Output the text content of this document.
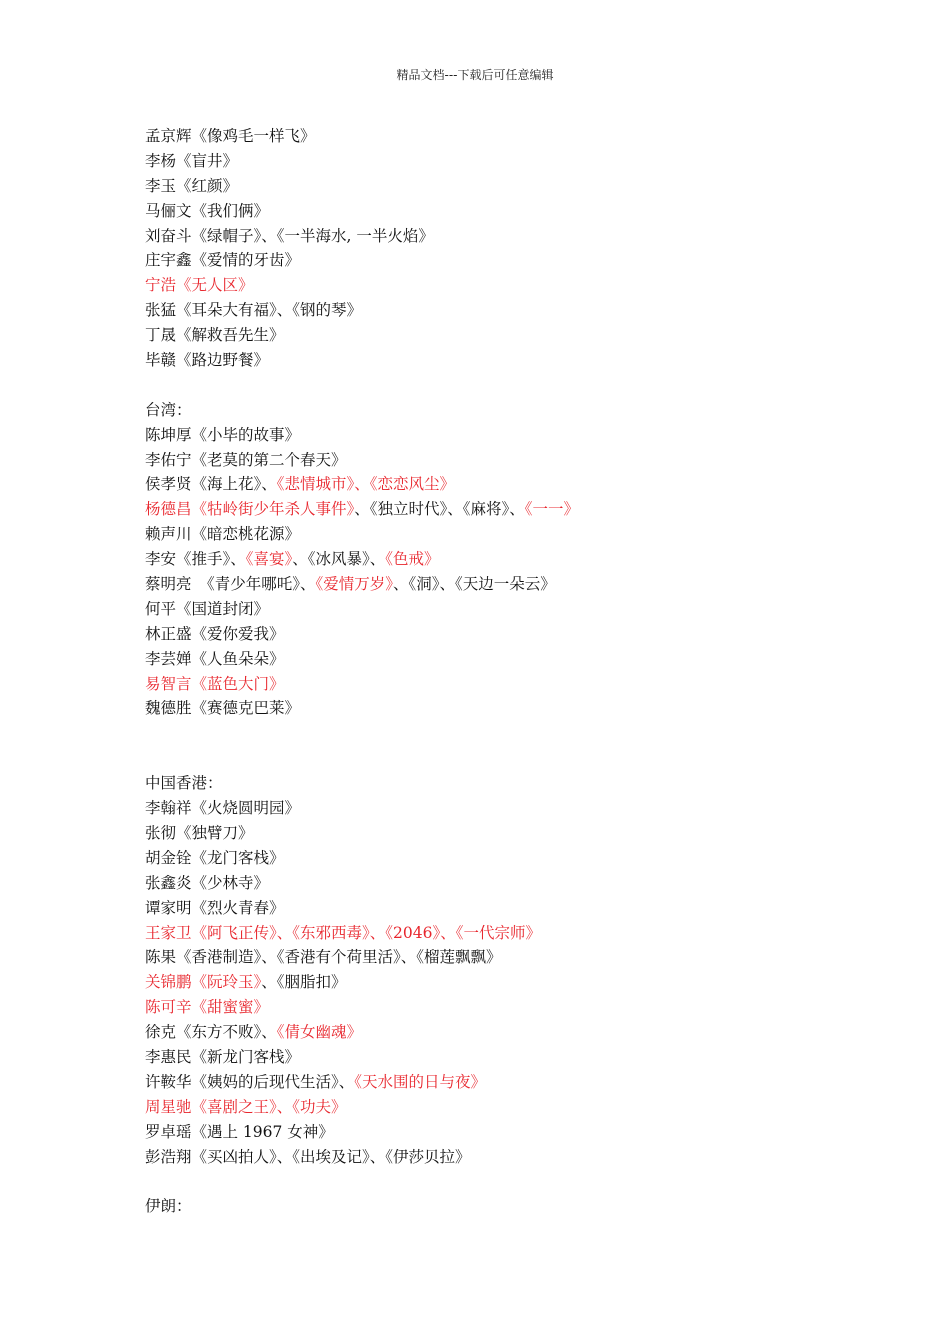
精品文档---下载后可任意编辑
孟京辉《像鸡毛一样飞》
李杨《盲井》
李玉《红颜》
马俪文《我们俩》
刘奋斗《绿帽子》、《一半海水, 一半火焰》
庄宇鑫《爱情的牙齿》
宁浩《无人区》
张猛《耳朵大有福》、《钢的琴》
丁晟《解救吾先生》
毕赣《路边野餐》
台湾：
陈坤厚《小毕的故事》
李佑宁《老莫的第二个春天》
侯孝贤《海上花》、《悲情城市》、《恋恋风尘》
杨德昌《牯岭街少年杀人事件》、《独立时代》、《麻将》、《一一》
赖声川《暗恋桃花源》
李安《推手》、《喜宴》、《冰风暴》、《色戒》
蔡明亮　《青少年哪吒》、《爱情万岁》、《洞》、《天边一朵云》
何平《国道封闭》
林正盛《爱你爱我》
李芸婵《人鱼朵朵》
易智言《蓝色大门》
魏德胜《赛德克巴莱》
中国香港：
李翰祥《火烧圆明园》
张彻《独臂刀》
胡金铨《龙门客栈》
张鑫炎《少林寺》
谭家明《烈火青春》
王家卫《阿飞正传》、《东邪西毒》、《2046》、《一代宗师》
陈果《香港制造》、《香港有个荷里活》、《榴莲飘飘》
关锦鹏《阮玲玉》、《胭脂扣》
陈可辛《甜蜜蜜》
徐克《东方不败》、《倩女幽魂》
李惠民《新龙门客栈》
许鞍华《姨妈的后现代生活》、《天水围的日与夜》
周星驰《喜剧之王》、《功夫》
罗卓瑶《遇上 1967 女神》
彭浩翔《买凶拍人》、《出埃及记》、《伊莎贝拉》
伊朗：
